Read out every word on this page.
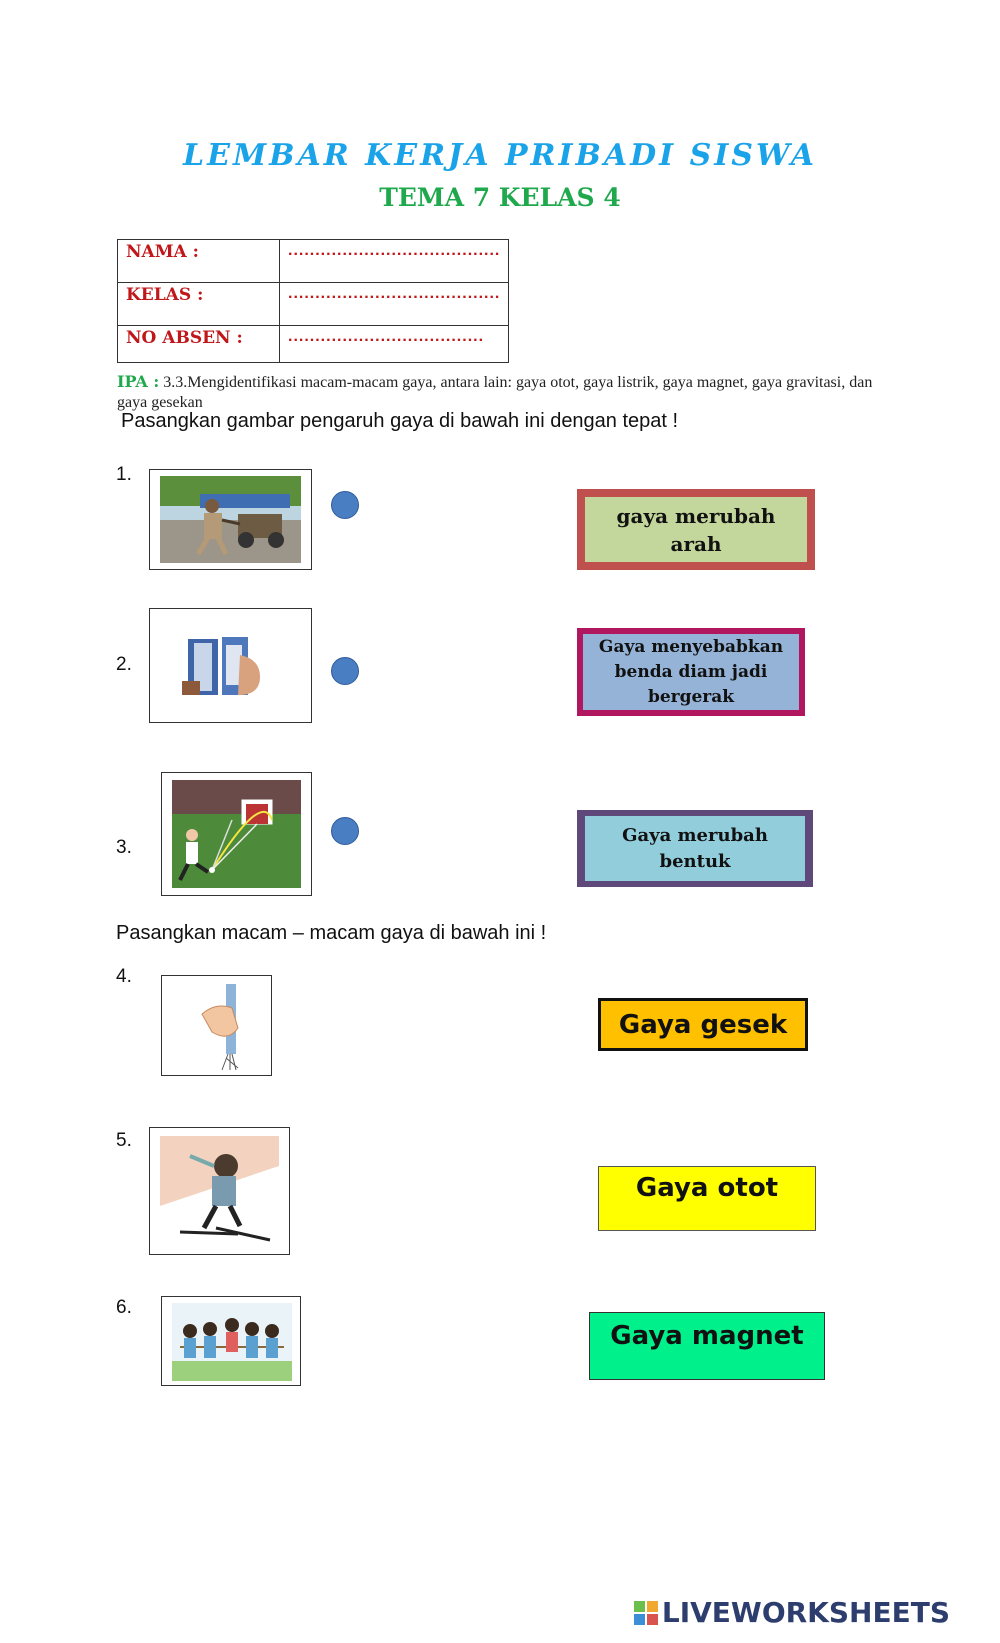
LEMBAR KERJA PRIBADI SISWA
TEMA 7 KELAS 4
NAMA :	.......................................
KELAS :	.......................................
NO ABSEN :	....................................
IPA : 3.3.Mengidentifikasi macam-macam gaya, antara lain: gaya otot, gaya listrik, gaya magnet, gaya gravitasi, dan gaya gesekan
Pasangkan gambar pengaruh gaya di bawah ini dengan tepat !
1.
2.
3.
gaya merubah
arah
Gaya menyebabkan
benda diam jadi
bergerak
Gaya merubah
bentuk
Pasangkan macam – macam gaya di bawah ini !
4.
5.
6.
Gaya gesek
Gaya otot
Gaya magnet
LIVEWORKSHEETS
